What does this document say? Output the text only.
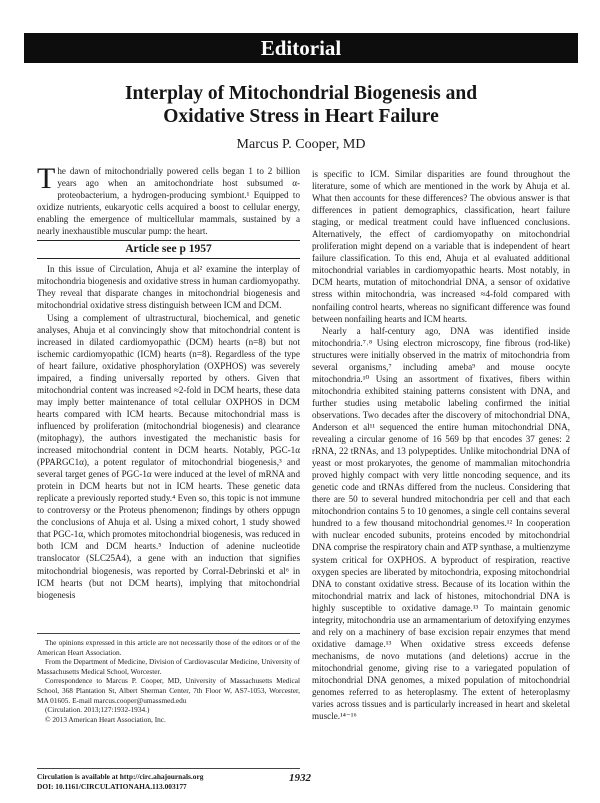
Editorial
Interplay of Mitochondrial Biogenesis and
Oxidative Stress in Heart Failure
Marcus P. Cooper, MD

The dawn of mitochondrially powered cells began 1 to 2 billion years ago when an amitochondriate host subsumed α-proteobacterium, a hydrogen-producing symbiont.¹ Equipped to oxidize nutrients, eukaryotic cells acquired a boost to cellular energy, enabling the emergence of multicellular mammals, sustained by a nearly inexhaustible muscular pump: the heart.

Article see p 1957

In this issue of Circulation, Ahuja et al² examine the interplay of mitochondria biogenesis and oxidative stress in human cardiomyopathy. They reveal that disparate changes in mitochondrial biogenesis and mitochondrial oxidative stress distinguish between ICM and DCM.

Using a complement of ultrastructural, biochemical, and genetic analyses, Ahuja et al convincingly show that mitochondrial content is increased in dilated cardiomyopathic (DCM) hearts (n=8) but not ischemic cardiomyopathic (ICM) hearts (n=8). Regardless of the type of heart failure, oxidative phosphorylation (OXPHOS) was severely impaired, a finding universally reported by others. Given that mitochondrial content was increased ≈2-fold in DCM hearts, these data may imply better maintenance of total cellular OXPHOS in DCM hearts compared with ICM hearts. Because mitochondrial mass is influenced by proliferation (mitochondrial biogenesis) and clearance (mitophagy), the authors investigated the mechanistic basis for increased mitochondrial content in DCM hearts. Notably, PGC-1α (PPARGC1α), a potent regulator of mitochondrial biogenesis,³ and several target genes of PGC-1α were induced at the level of mRNA and protein in DCM hearts but not in ICM hearts. These genetic data replicate a previously reported study.⁴ Even so, this topic is not immune to controversy or the Proteus phenomenon; findings by others oppugn the conclusions of Ahuja et al. Using a mixed cohort, 1 study showed that PGC-1α, which promotes mitochondrial biogenesis, was reduced in both ICM and DCM hearts.⁵ Induction of adenine nucleotide translocator (SLC25A4), a gene with an induction that signifies mitochondrial biogenesis, was reported by Corral-Debrinski et al⁶ in ICM hearts (but not DCM hearts), implying that mitochondrial biogenesis

is specific to ICM. Similar disparities are found throughout the literature, some of which are mentioned in the work by Ahuja et al. What then accounts for these differences? The obvious answer is that differences in patient demographics, classification, heart failure staging, or medical treatment could have influenced conclusions. Alternatively, the effect of cardiomyopathy on mitochondrial proliferation might depend on a variable that is independent of heart failure classification. To this end, Ahuja et al evaluated additional mitochondrial variables in cardiomyopathic hearts. Most notably, in DCM hearts, mutation of mitochondrial DNA, a sensor of oxidative stress within mitochondria, was increased ≈4-fold compared with nonfailing control hearts, whereas no significant difference was found between nonfailing hearts and ICM hearts.

Nearly a half-century ago, DNA was identified inside mitochondria.⁷˒⁸ Using electron microscopy, fine fibrous (rod-like) structures were initially observed in the matrix of mitochondria from several organisms,⁷ including ameba⁹ and mouse oocyte mitochondria.¹⁰ Using an assortment of fixatives, fibers within mitochondria exhibited staining patterns consistent with DNA, and further studies using metabolic labeling confirmed the initial observations. Two decades after the discovery of mitochondrial DNA, Anderson et al¹¹ sequenced the entire human mitochondrial DNA, revealing a circular genome of 16 569 bp that encodes 37 genes: 2 rRNA, 22 tRNAs, and 13 polypeptides. Unlike mitochondrial DNA of yeast or most prokaryotes, the genome of mammalian mitochondria proved highly compact with very little noncoding sequence, and its genetic code and tRNAs differed from the nucleus. Considering that there are 50 to several hundred mitochondria per cell and that each mitochondrion contains 5 to 10 genomes, a single cell contains several hundred to a few thousand mitochondrial genomes.¹² In cooperation with nuclear encoded subunits, proteins encoded by mitochondrial DNA comprise the respiratory chain and ATP synthase, a multienzyme system critical for OXPHOS. A byproduct of respiration, reactive oxygen species are liberated by mitochondria, exposing mitochondrial DNA to constant oxidative stress. Because of its location within the mitochondrial matrix and lack of histones, mitochondrial DNA is highly susceptible to oxidative damage.¹³ To maintain genomic integrity, mitochondria use an armamentarium of detoxifying enzymes and rely on a machinery of base excision repair enzymes that mend oxidative damage.¹³ When oxidative stress exceeds defense mechanisms, de novo mutations (and deletions) accrue in the mitochondrial genome, giving rise to a variegated population of mitochondrial DNA genomes, a mixed population of mitochondrial genomes referred to as heteroplasmy. The extent of heteroplasmy varies across tissues and is particularly increased in heart and skeletal muscle.¹⁴⁻¹⁶

The opinions expressed in this article are not necessarily those of the editors or of the American Heart Association.

From the Department of Medicine, Division of Cardiovascular Medicine, University of Massachusetts Medical School, Worcester.

Correspondence to Marcus P. Cooper, MD, University of Massachusetts Medical School, 368 Plantation St, Albert Sherman Center, 7th Floor W, AS7-1053, Worcester, MA 01605. E-mail marcus.cooper@umassmed.edu

(Circulation. 2013;127:1932-1934.)

© 2013 American Heart Association, Inc.

Circulation is available at http://circ.ahajournals.org
DOI: 10.1161/CIRCULATIONAHA.113.003177
1932
